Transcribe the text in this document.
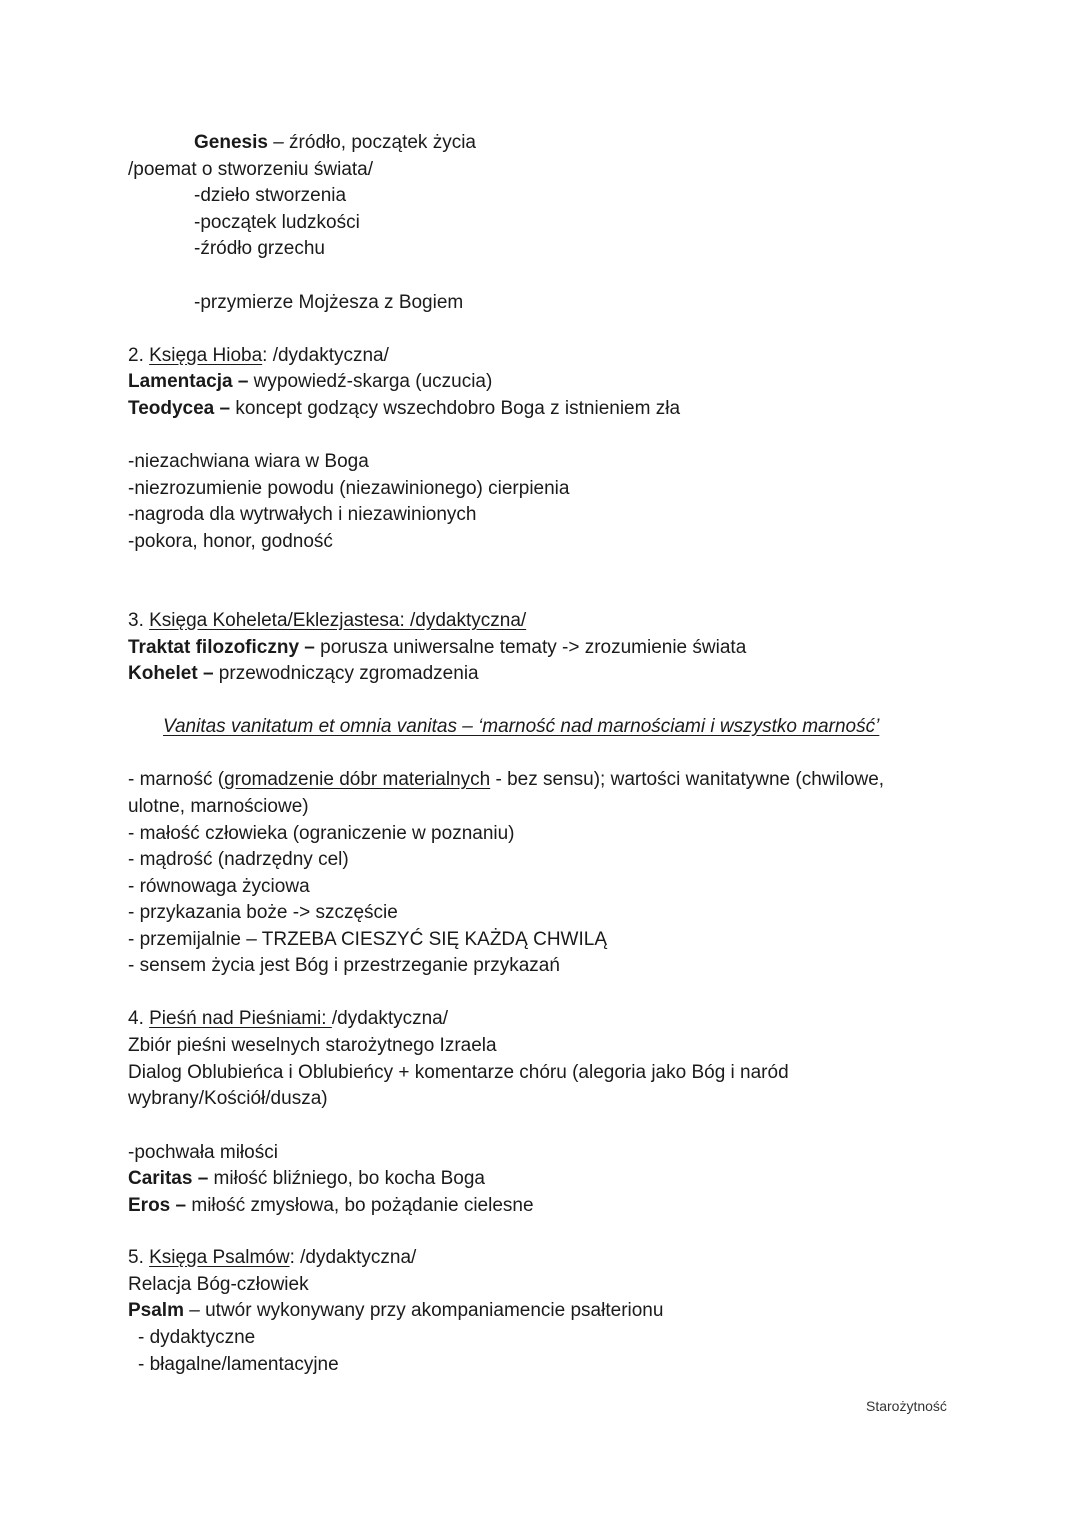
Genesis – źródło, początek życia
/poemat o stworzeniu świata/
-dzieło stworzenia
-początek ludzkości
-źródło grzechu
-przymierze Mojżesza z Bogiem
2. Księga Hioba: /dydaktyczna/
Lamentacja – wypowiedź-skarga (uczucia)
Teodycea – koncept godzący wszechdobro Boga z istnieniem zła
-niezachwiana wiara w Boga
-niezrozumienie powodu (niezawinionego) cierpienia
-nagroda dla wytrwałych i niezawinionych
-pokora, honor, godność
3. Księga Koheleta/Eklezjastesa: /dydaktyczna/
Traktat filozoficzny – porusza uniwersalne tematy -> zrozumienie świata
Kohelet – przewodniczący zgromadzenia
Vanitas vanitatum et omnia vanitas – ‘marność nad marnościami i wszystko marność’
- marność (gromadzenie dóbr materialnych - bez sensu); wartości wanitatywne (chwilowe,
ulotne, marnościowe)
- małość człowieka (ograniczenie w poznaniu)
- mądrość (nadrzędny cel)
- równowaga życiowa
- przykazania boże -> szczęście
- przemijalnie – TRZEBA CIESZYĆ SIĘ KAŻDĄ CHWILĄ
- sensem życia jest Bóg i przestrzeganie przykazań
4. Pieśń nad Pieśniami: /dydaktyczna/
Zbiór pieśni weselnych starożytnego Izraela
Dialog Oblubieńca i Oblubieńcy + komentarze chóru (alegoria jako Bóg i naród
wybrany/Kościół/dusza)
-pochwała miłości
Caritas – miłość bliźniego, bo kocha Boga
Eros – miłość zmysłowa, bo pożądanie cielesne
5. Księga Psalmów: /dydaktyczna/
Relacja Bóg-człowiek
Psalm – utwór wykonywany przy akompaniamencie psałterionu
- dydaktyczne
- błagalne/lamentacyjne
Starożytność
